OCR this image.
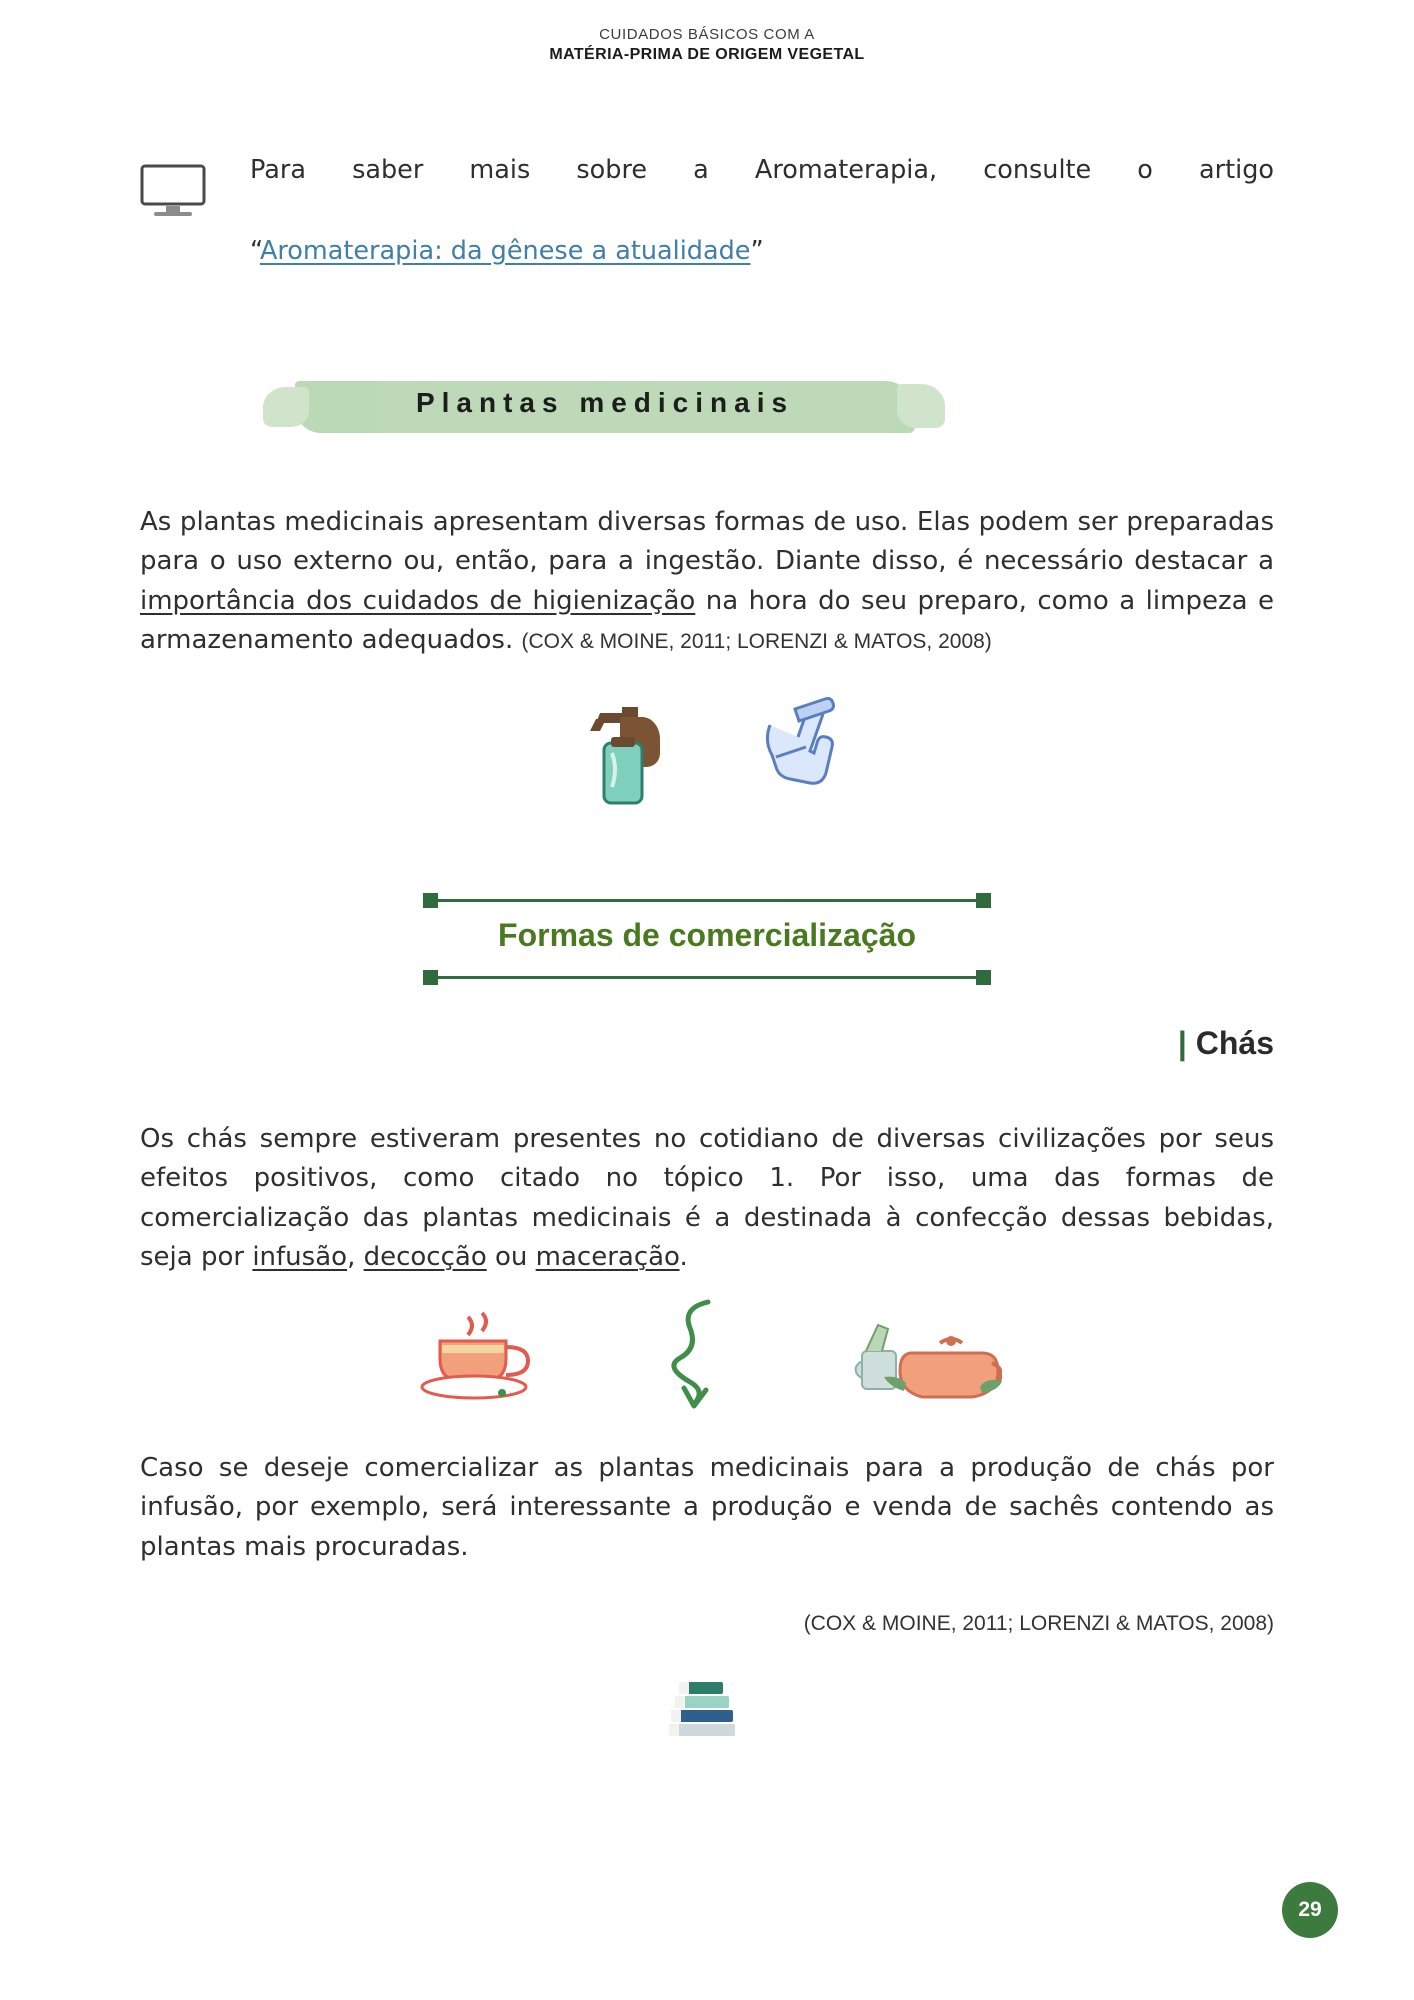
CUIDADOS BÁSICOS COM A
MATÉRIA-PRIMA DE ORIGEM VEGETAL
Para saber mais sobre a Aromaterapia, consulte o artigo
“Aromaterapia: da gênese a atualidade”
Plantas medicinais

As plantas medicinais apresentam diversas formas de uso. Elas podem ser preparadas para o uso externo ou, então, para a ingestão. Diante disso, é necessário destacar a importância dos cuidados de higienização na hora do seu preparo, como a limpeza e armazenamento adequados. (COX & MOINE, 2011; LORENZI & MATOS, 2008)

Formas de comercialização
| Chás

Os chás sempre estiveram presentes no cotidiano de diversas civilizações por seus efeitos positivos, como citado no tópico 1. Por isso, uma das formas de comercialização das plantas medicinais é a destinada à confecção dessas bebidas, seja por infusão, decocção ou maceração.

Caso se deseje comercializar as plantas medicinais para a produção de chás por infusão, por exemplo, será interessante a produção e venda de sachês contendo as plantas mais procuradas.

(COX & MOINE, 2011; LORENZI & MATOS, 2008)

29
